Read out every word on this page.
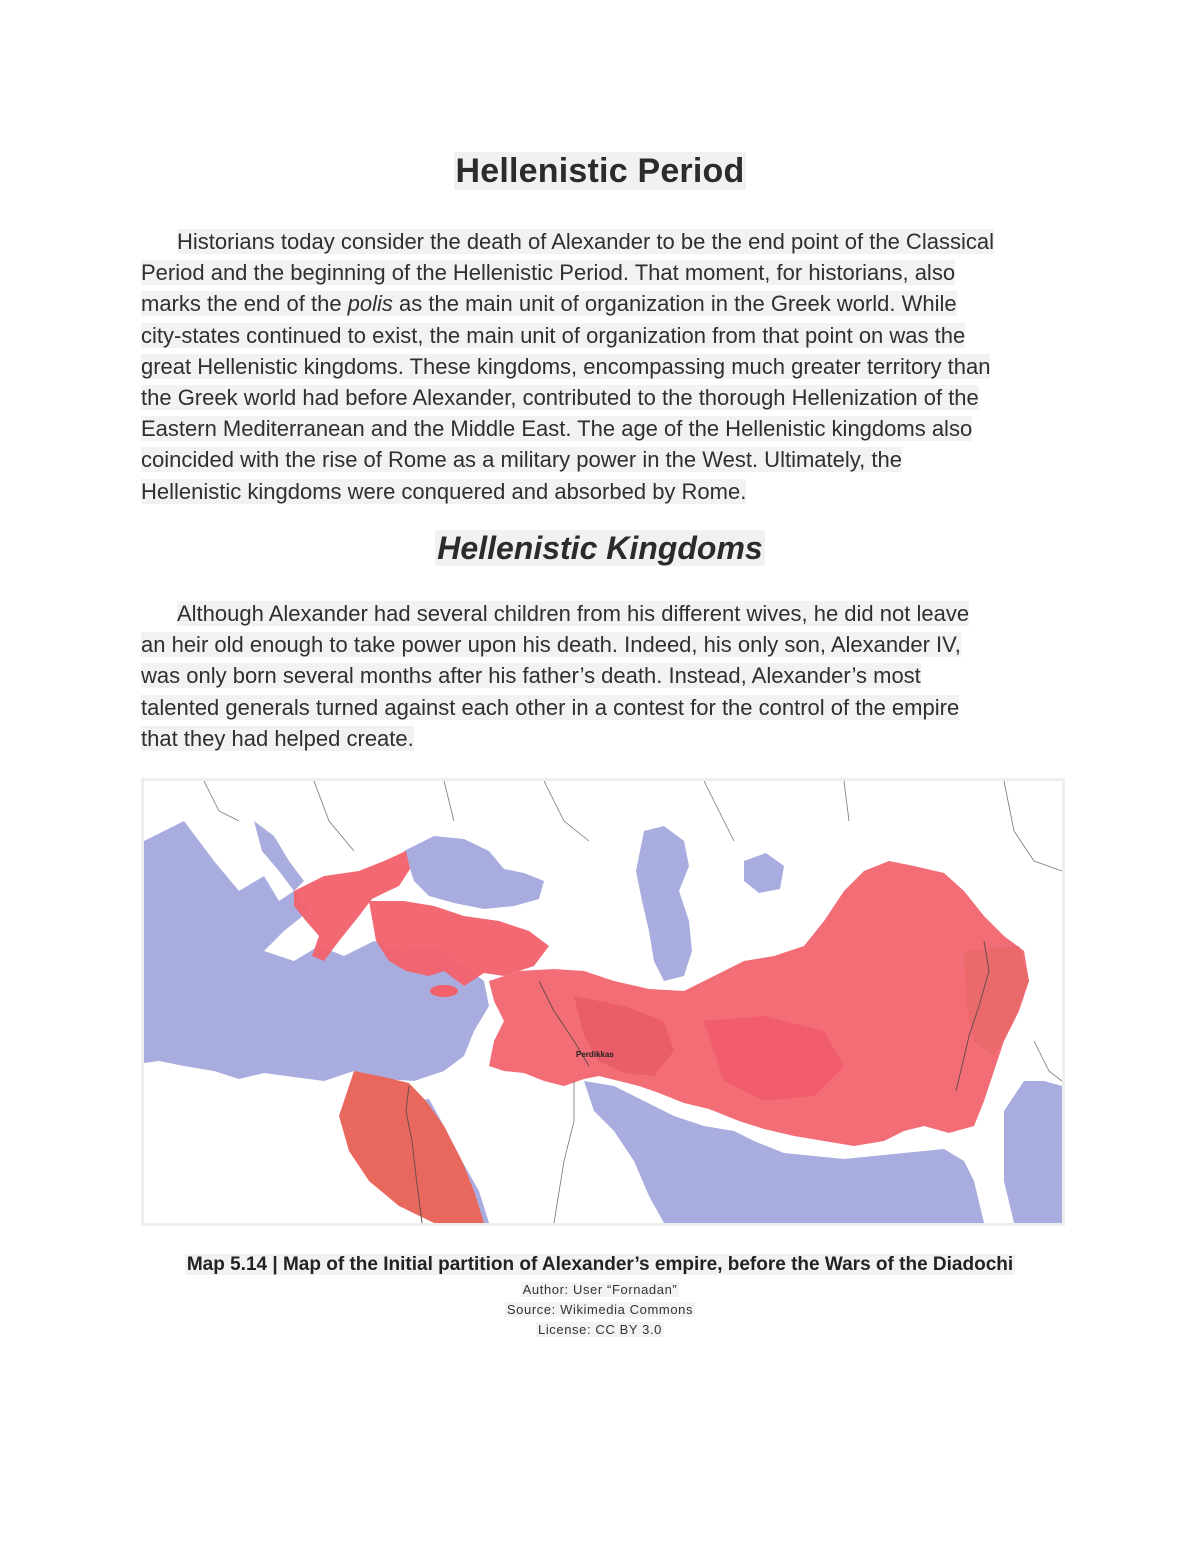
Hellenistic Period
Historians today consider the death of Alexander to be the end point of the Classical
Period and the beginning of the Hellenistic Period. That moment, for historians, also
marks the end of the polis as the main unit of organization in the Greek world. While
city-states continued to exist, the main unit of organization from that point on was the
great Hellenistic kingdoms. These kingdoms, encompassing much greater territory than
the Greek world had before Alexander, contributed to the thorough Hellenization of the
Eastern Mediterranean and the Middle East. The age of the Hellenistic kingdoms also
coincided with the rise of Rome as a military power in the West. Ultimately, the
Hellenistic kingdoms were conquered and absorbed by Rome.
Hellenistic Kingdoms
Although Alexander had several children from his different wives, he did not leave
an heir old enough to take power upon his death. Indeed, his only son, Alexander IV,
was only born several months after his father’s death. Instead, Alexander’s most
talented generals turned against each other in a contest for the control of the empire
that they had helped create.
Perdikkas
Map 5.14 | Map of the Initial partition of Alexander’s empire, before the Wars of the Diadochi
Author: User “Fornadan”
Source: Wikimedia Commons
License: CC BY 3.0
